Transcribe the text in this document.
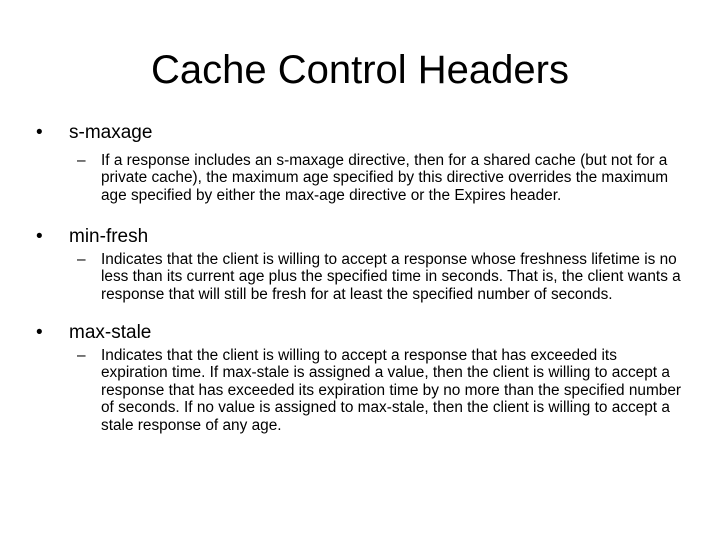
Cache Control Headers
• s-maxage
– If a response includes an s-maxage directive, then for a shared cache (but not for a private cache), the maximum age specified by this directive overrides the maximum age specified by either the max-age directive or the Expires header.
• min-fresh
– Indicates that the client is willing to accept a response whose freshness lifetime is no less than its current age plus the specified time in seconds. That is, the client wants a response that will still be fresh for at least the specified number of seconds.
• max-stale
– Indicates that the client is willing to accept a response that has exceeded its expiration time. If max-stale is assigned a value, then the client is willing to accept a response that has exceeded its expiration time by no more than the specified number of seconds. If no value is assigned to max-stale, then the client is willing to accept a stale response of any age.
